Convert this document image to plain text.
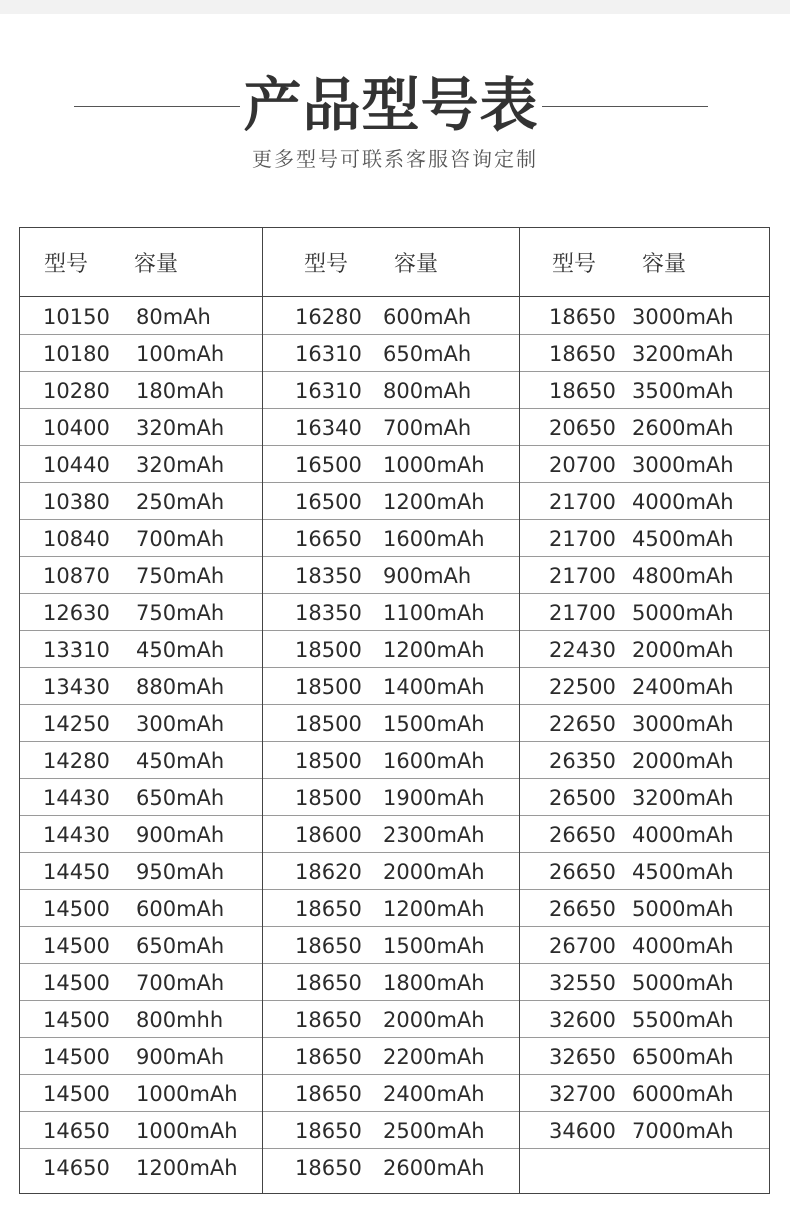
产品型号表
更多型号可联系客服咨询定制
型号 容量
10150 80mAh
10180 100mAh
10280 180mAh
10400 320mAh
10440 320mAh
10380 250mAh
10840 700mAh
10870 750mAh
12630 750mAh
13310 450mAh
13430 880mAh
14250 300mAh
14280 450mAh
14430 650mAh
14430 900mAh
14450 950mAh
14500 600mAh
14500 650mAh
14500 700mAh
14500 800mhh
14500 900mAh
14500 1000mAh
14650 1000mAh
14650 1200mAh
型号 容量
16280 600mAh
16310 650mAh
16310 800mAh
16340 700mAh
16500 1000mAh
16500 1200mAh
16650 1600mAh
18350 900mAh
18350 1100mAh
18500 1200mAh
18500 1400mAh
18500 1500mAh
18500 1600mAh
18500 1900mAh
18600 2300mAh
18620 2000mAh
18650 1200mAh
18650 1500mAh
18650 1800mAh
18650 2000mAh
18650 2200mAh
18650 2400mAh
18650 2500mAh
18650 2600mAh
型号 容量
18650 3000mAh
18650 3200mAh
18650 3500mAh
20650 2600mAh
20700 3000mAh
21700 4000mAh
21700 4500mAh
21700 4800mAh
21700 5000mAh
22430 2000mAh
22500 2400mAh
22650 3000mAh
26350 2000mAh
26500 3200mAh
26650 4000mAh
26650 4500mAh
26650 5000mAh
26700 4000mAh
32550 5000mAh
32600 5500mAh
32650 6500mAh
32700 6000mAh
34600 7000mAh
